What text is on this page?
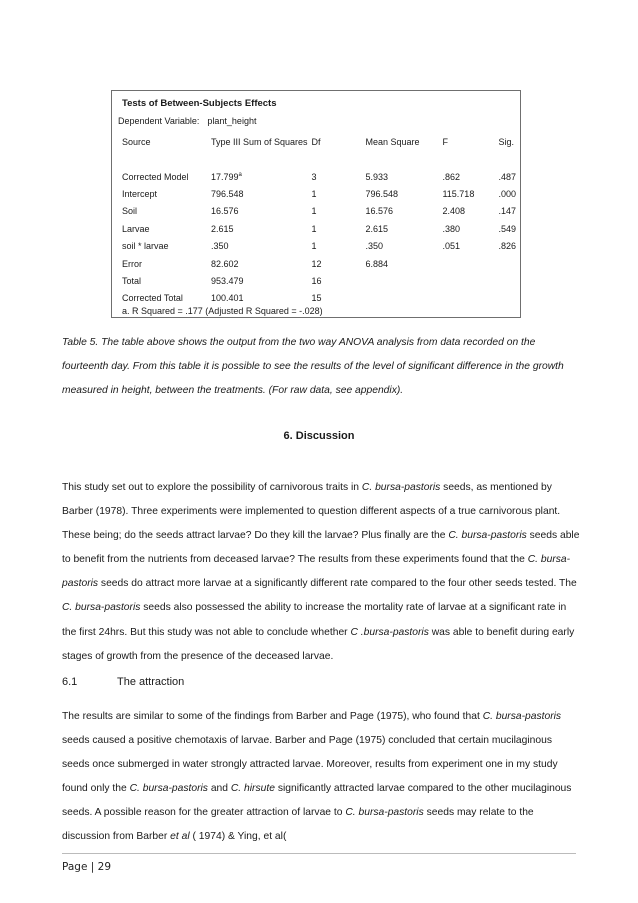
Tests of Between-Subjects Effects
Dependent Variable: plant_height
Source	Type III Sum of Squares	Df	Mean Square	F	Sig.
Corrected Model	17.799$^a$	3	5.933	.862	.487
Intercept	796.548	1	796.548	115.718	.000
Soil	16.576	1	16.576	2.408	.147
Larvae	2.615	1	2.615	.380	.549
soil * larvae	.350	1	.350	.051	.826
Error	82.602	12	6.884		
Total	953.479	16			
Corrected Total	100.401	15			
a. R Squared = .177 (Adjusted R Squared = -.028)
Table 5. The table above shows the output from the two way ANOVA analysis from data recorded on the fourteenth day. From this table it is possible to see the results of the level of significant difference in the growth measured in height, between the treatments. (For raw data, see appendix).
6. Discussion

This study set out to explore the possibility of carnivorous traits in C. bursa-pastoris seeds, as mentioned by Barber (1978). Three experiments were implemented to question different aspects of a true carnivorous plant. These being; do the seeds attract larvae? Do they kill the larvae? Plus finally are the C. bursa-pastoris seeds able to benefit from the nutrients from deceased larvae? The results from these experiments found that the C. bursa-pastoris seeds do attract more larvae at a significantly different rate compared to the four other seeds tested. The C. bursa-pastoris seeds also possessed the ability to increase the mortality rate of larvae at a significant rate in the first 24hrs. But this study was not able to conclude whether C .bursa-pastoris was able to benefit during early stages of growth from the presence of the deceased larvae.

6.1	The attraction

The results are similar to some of the findings from Barber and Page (1975), who found that C. bursa-pastoris seeds caused a positive chemotaxis of larvae. Barber and Page (1975) concluded that certain mucilaginous seeds once submerged in water strongly attracted larvae. Moreover, results from experiment one in my study found only the C. bursa-pastoris and C. hirsute significantly attracted larvae compared to the other mucilaginous seeds. A possible reason for the greater attraction of larvae to C. bursa-pastoris seeds may relate to the discussion from Barber et al ( 1974) & Ying, et al(

Page | 29
